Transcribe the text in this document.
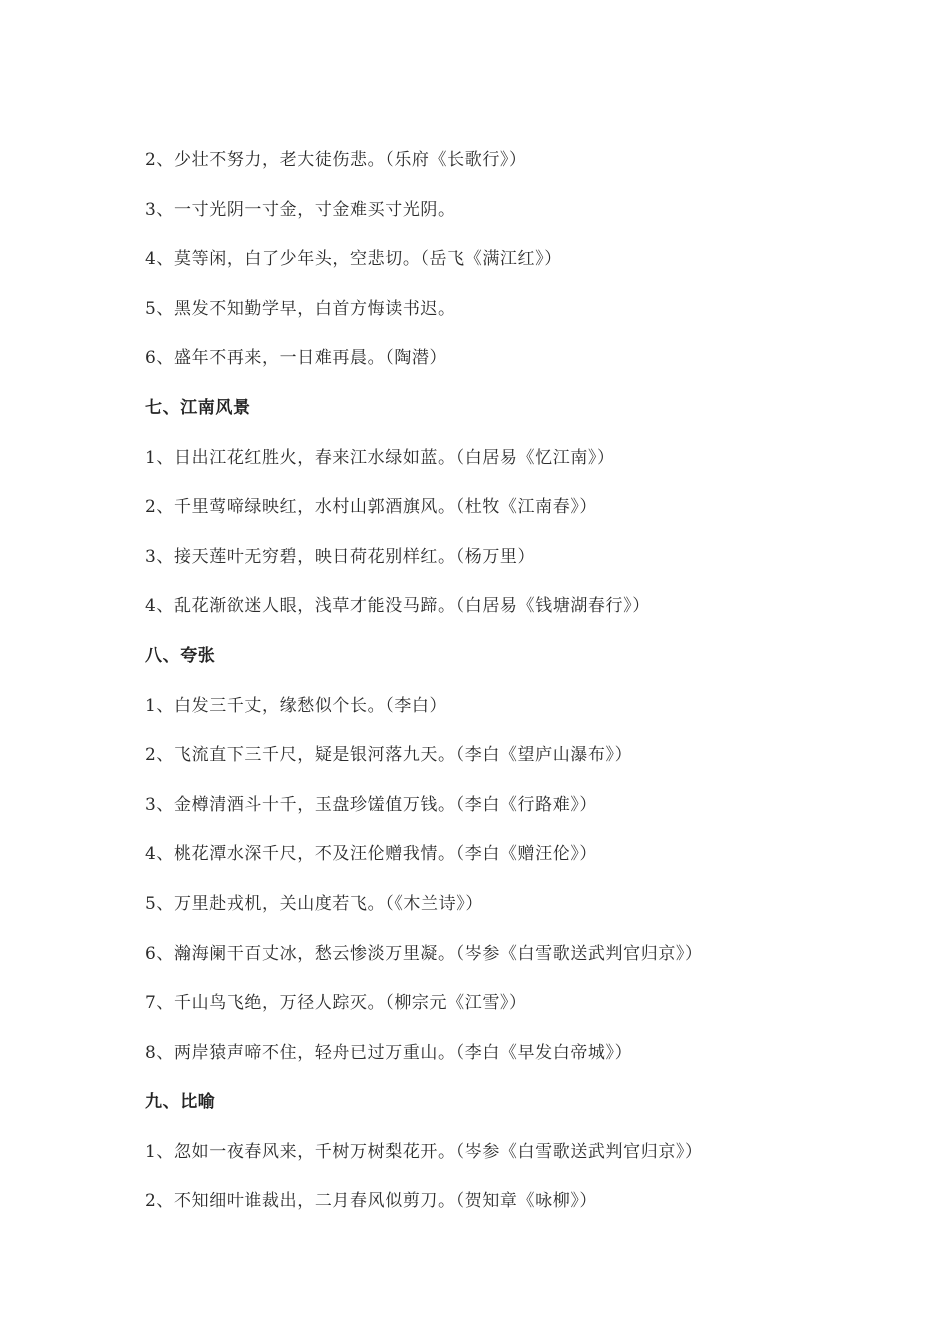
2、少壮不努力，老大徒伤悲。（乐府《长歌行》）
3、一寸光阴一寸金，寸金难买寸光阴。
4、莫等闲，白了少年头，空悲切。（岳飞《满江红》）
5、黑发不知勤学早，白首方悔读书迟。
6、盛年不再来，一日难再晨。（陶潜）
七、江南风景
1、日出江花红胜火，春来江水绿如蓝。（白居易《忆江南》）
2、千里莺啼绿映红，水村山郭酒旗风。（杜牧《江南春》）
3、接天莲叶无穷碧，映日荷花别样红。（杨万里）
4、乱花渐欲迷人眼，浅草才能没马蹄。（白居易《钱塘湖春行》）
八、夸张
1、白发三千丈，缘愁似个长。（李白）
2、飞流直下三千尺，疑是银河落九天。（李白《望庐山瀑布》）
3、金樽清酒斗十千，玉盘珍馐值万钱。（李白《行路难》）
4、桃花潭水深千尺，不及汪伦赠我情。（李白《赠汪伦》）
5、万里赴戎机，关山度若飞。（《木兰诗》）
6、瀚海阑干百丈冰，愁云惨淡万里凝。（岑参《白雪歌送武判官归京》）
7、千山鸟飞绝，万径人踪灭。（柳宗元《江雪》）
8、两岸猿声啼不住，轻舟已过万重山。（李白《早发白帝城》）
九、比喻
1、忽如一夜春风来，千树万树梨花开。（岑参《白雪歌送武判官归京》）
2、不知细叶谁裁出，二月春风似剪刀。（贺知章《咏柳》）
